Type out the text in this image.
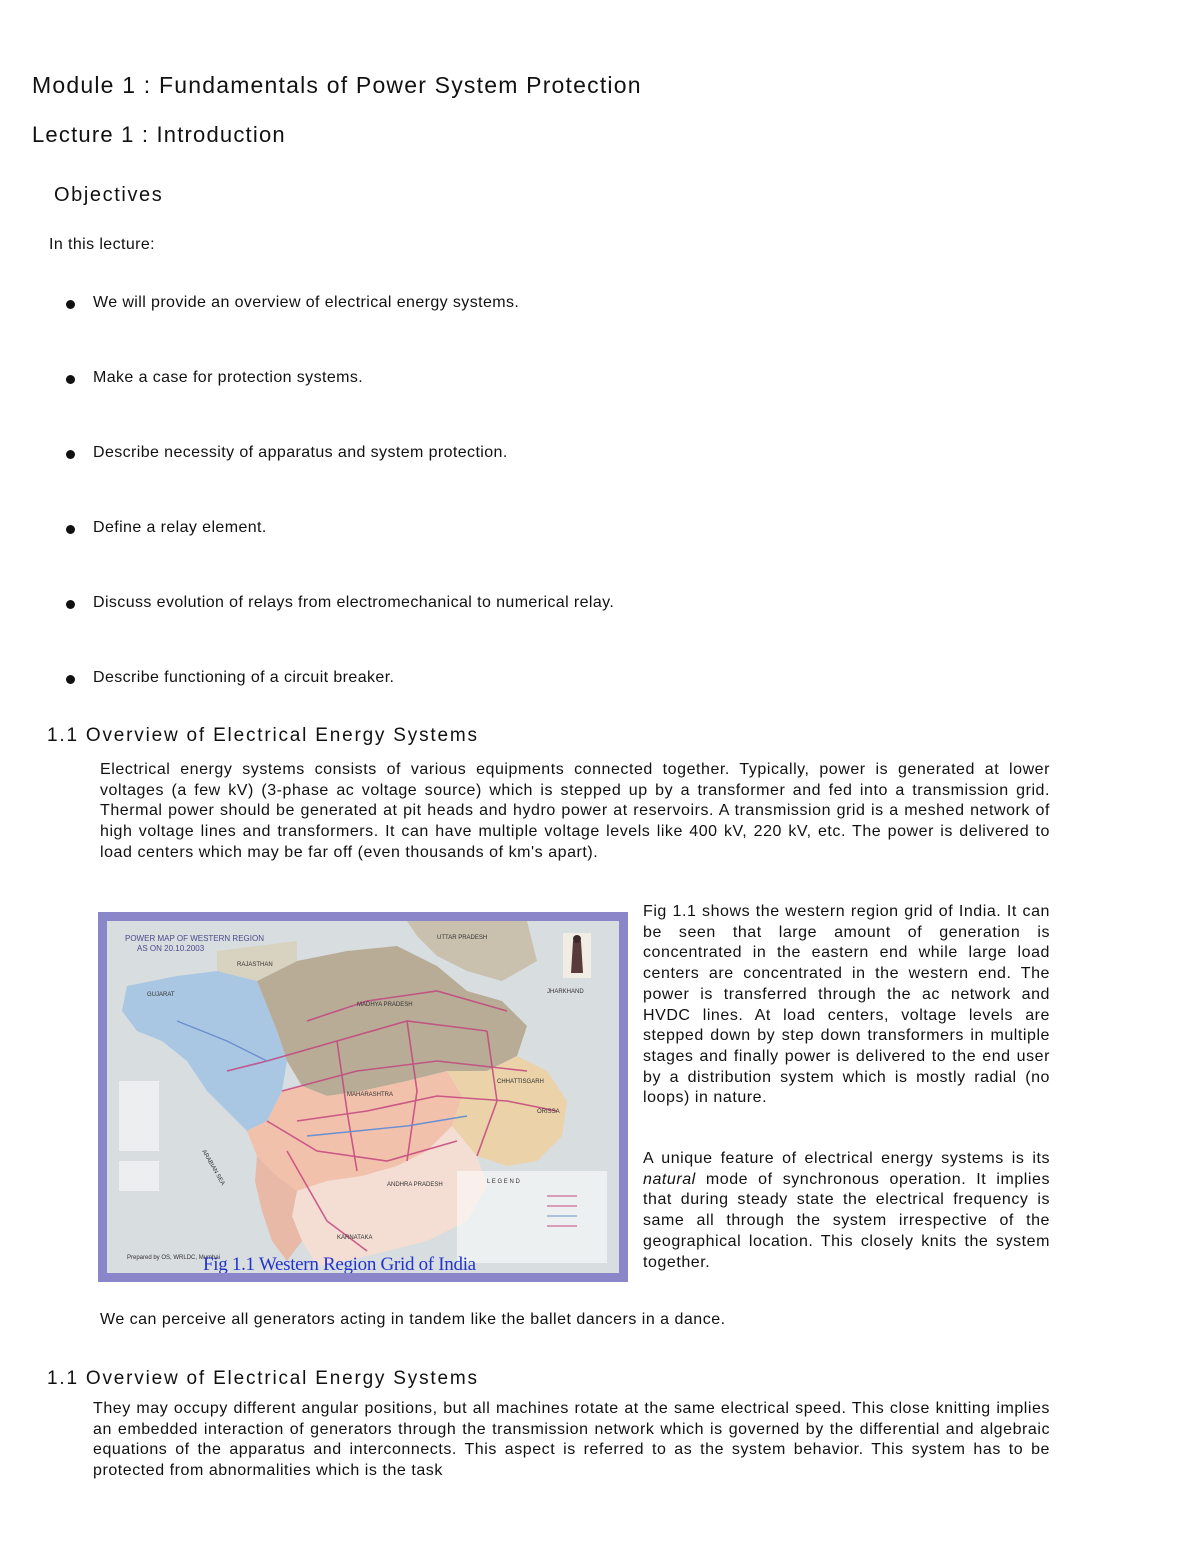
Module 1 : Fundamentals of Power System Protection
Lecture 1 : Introduction
Objectives
In this lecture:
We will provide an overview of electrical energy systems.
Make a case for protection systems.
Describe necessity of apparatus and system protection.
Define a relay element.
Discuss evolution of relays from electromechanical to numerical relay.
Describe functioning of a circuit breaker.
1.1 Overview of Electrical Energy Systems
Electrical energy systems consists of various equipments connected together. Typically, power is generated at lower voltages (a few kV) (3-phase ac voltage source) which is stepped up by a transformer and fed into a transmission grid. Thermal power should be generated at pit heads and hydro power at reservoirs. A transmission grid is a meshed network of high voltage lines and transformers. It can have multiple voltage levels like 400 kV, 220 kV, etc. The power is delivered to load centers which may be far off (even thousands of km's apart).
POWER MAP OF WESTERN REGION
AS ON 20.10.2003
UTTAR PRADESH
RAJASTHAN
GUJARAT
MADHYA PRADESH
JHARKHAND
CHHATTISGARH
ORISSA
MAHARASHTRA
ANDHRA PRADESH
KARNATAKA
ARABIAN SEA	L E G E N D
Prepared by OS, WRLDC, Mumbai
Fig 1.1 Western Region Grid of India
Fig 1.1 shows the western region grid of India. It can be seen that large amount of generation is concentrated in the eastern end while large load centers are concentrated in the western end. The power is transferred through the ac network and HVDC lines. At load centers, voltage levels are stepped down by step down transformers in multiple stages and finally power is delivered to the end user by a distribution system which is mostly radial (no loops) in nature.
A unique feature of electrical energy systems is its natural mode of synchronous operation. It implies that during steady state the electrical frequency is same all through the system irrespective of the geographical location. This closely knits the system together.
We can perceive all generators acting in tandem like the ballet dancers in a dance.
1.1 Overview of Electrical Energy Systems
They may occupy different angular positions, but all machines rotate at the same electrical speed. This close knitting implies an embedded interaction of generators through the transmission network which is governed by the differential and algebraic equations of the apparatus and interconnects. This aspect is referred to as the system behavior. This system has to be protected from abnormalities which is the task
